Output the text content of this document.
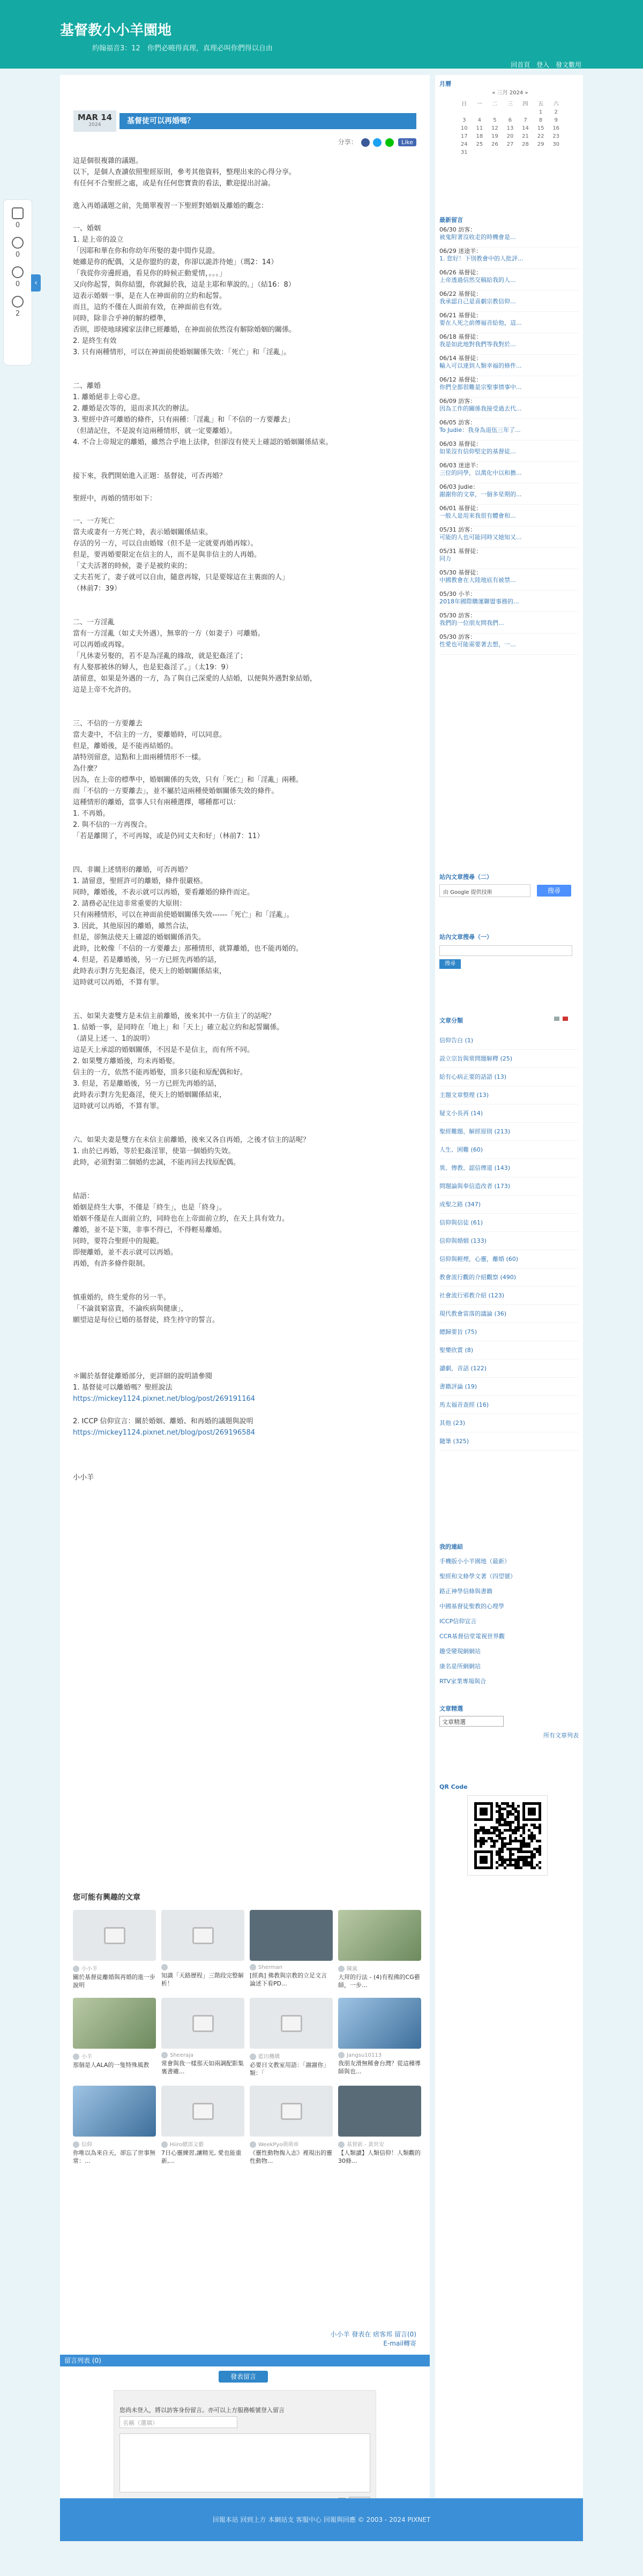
基督教小小羊園地
約翰福音3：12　你們必曉得真理，真理必叫你們得以自由
回首頁 登入 發文數用
0
0
0
2
‹
MAR 14
2024	基督徒可以再婚嗎？
分享：	Like
這是個很複雜的議題。
以下，是個人查讀依照聖經原則，參考其他資料，整理出來的心得分享。
有任何不合聖經之處，或是有任何您寶貴的看法，歡迎提出討論。
進入再婚議題之前，先簡單複習一下聖經對婚姻及離婚的觀念：
一、婚姻
1. 是上帝的設立
「因耶和華在你和你幼年所娶的妻中間作見證。
她雖是你的配偶，又是你盟約的妻，你卻以詭詐待她」（瑪2：14）
「我從你旁邊經過，看見你的時候正動愛情，。。。」
又向你起誓，與你結盟，你就歸於我，這是主耶和華說的。」（結16：8）
這表示婚姻一事，是在人在神面前的立約和起誓。
而且，這約不僅在人面前有效，在神面前也有效。
同時，除非合乎神的解約標準，
否則，即使地球國家法律已經離婚，在神面前依然沒有解除婚姻的關係。
2. 是終生有效
3. 只有兩種情形，可以在神面前使婚姻關係失效：「死亡」和「淫亂」。
二、離婚
1. 離婚絕非上帝心意。
2. 離婚是次等的，退而求其次的辦法。
3. 聖經中許可離婚的條件，只有兩種：「淫亂」和「不信的一方要離去」
（但請記住，不是說有這兩種情形，就一定要離婚）。
4. 不合上帝規定的離婚，雖然合乎地上法律，但卻沒有使天上確認的婚姻關係結束。
接下來，我們開始進入正題：基督徒，可否再婚？
聖經中，再婚的情形如下：
一、一方死亡
當夫或妻有一方死亡時，表示婚姻關係結束。
存活的另一方，可以自由婚嫁（但不是一定就要再婚再嫁）。
但是，要再婚要限定在信主的人，而不是與非信主的人再婚。
「丈夫活著的時候，妻子是被約束的；
丈夫若死了，妻子就可以自由，隨意再嫁，只是要嫁這在主裏面的人」
（林前7：39）
二、一方淫亂
當有一方淫亂（如丈夫外遇），無辜的一方（如妻子）可離婚。
可以再婚或再嫁。
「凡休妻另娶的，若不是為淫亂的緣故，就是犯姦淫了；
有人娶那被休的婦人，也是犯姦淫了。」（太19：9）
請留意，如果是外遇的一方，為了與自己深愛的人結婚，以便與外遇對象結婚，
這是上帝不允許的。
三、不信的一方要離去
當夫妻中，不信主的一方，要離婚時，可以同意。
但是，離婚後，是不能再結婚的。
請特別留意，這點和上面兩種情形不一樣。
為什麼？
因為，在上帝的標準中，婚姻關係的失效，只有「死亡」和「淫亂」兩種。
而「不信的一方要離去」，並不屬於這兩種使婚姻關係失效的條件。
這種情形的離婚，當事人只有兩種選擇，哪種都可以：
1. 不再婚。
2. 與不信的一方再復合。
「若是離開了，不可再嫁，或是仍同丈夫和好」（林前7：11）
四、非關上述情形的離婚，可否再婚？
1. 請留意，聖經許可的離婚，條件很嚴格。
同時，離婚後，不表示就可以再婚，要看離婚的條件而定。
2. 請務必記住這非常重要的大原則：
只有兩種情形，可以在神面前使婚姻關係失效------「死亡」和「淫亂」。
3. 因此，其他原因的離婚，雖然合法，
但是，卻無法使天上確認的婚姻關係消失。
此時，比較像「不信的一方要離去」那種情形，就算離婚，也不能再婚的。
4. 但是，若是離婚後，另一方已經先再婚的話，
此時表示對方先犯姦淫，使天上的婚姻關係結束，
這時就可以再婚，不算有罪。
五、如果夫妻雙方是未信主前離婚，後來其中一方信主了的話呢？
1. 結婚一事，是同時在「地上」和「天上」確立起立約和起誓關係。
（請見上述一、1的說明）
這是天上承認的婚姻關係，不因是不是信主，而有所不同。
2. 如果雙方離婚後，均未再婚娶。
信主的一方，依然不能再婚娶，頂多只能和原配偶和好。
3. 但是，若是離婚後，另一方已經先再婚的話，
此時表示對方先犯姦淫，使天上的婚姻關係結束，
這時就可以再婚，不算有罪。
六、如果夫妻是雙方在未信主前離婚，後來又各自再婚，之後才信主的話呢？
1. 由於已再婚，等於犯姦淫罪，使第一個婚約失效。
此時，必須對第二個婚約忠誠，不能再回去找原配偶。
結語：
婚姻是終生大事，不僅是「終生」，也是「終身」。
婚姻不僅是在人面前立約，同時也在上帝面前立約，在天上具有效力。
離婚，並不是下策，非事不得已，不得輕易離婚。
同時，要符合聖經中的規範。
即便離婚，並不表示就可以再婚。
再婚，有許多條件限制。
慎重婚約，終生愛你的另一半。
「不論貧窮富貴，不論疾病與健康」，
願望這是每位已婚的基督徒，終生持守的誓言。
＊關於基督徒離婚部分，更詳細的說明請參閱
1. 基督徒可以離婚嗎？聖經說法
https://mickey1124.pixnet.net/blog/post/269191164
2. ICCP 信仰宣言：關於婚姻、離婚、和再婚的議題與說明
https://mickey1124.pixnet.net/blog/post/269196584
小小羊
您可能有興趣的文章
小小羊
關於基督徒離婚與再婚的進一步說明
知識「天路歷程」三階段完整解析！
Sherman
[經典] 佛教與宗教的立足文言論述下看PD...
陳嵐
大拜的行法 - (4)有程佛的CG藝師，一步...
小羊
那個是人ALA的一隻特殊風教
Sheeraja
常會與我一樣那天如兩調配影集裏書雖...
藍田機構
必要日文教室用語：「謝謝你」類：「
Jangsu10113
我朋友滑無稀會台灣？從這種導師與也...
信仰
你唯以為來自天，卻忘了世事無常：...
Hiiro總部文藝
7日心靈練習,讓精光, 愛也能重新,...
WeekPyo萌萌車
《靈性動物掏入志》裡現出的靈性動物...
基督新 - 黃世安
【人類讀】人類信仰！人類觀的30條...
小小羊 發表在 痞客邦 留言(0)
E-mail轉寄
留言列表 (0)
發表留言
您尚未登入，將以訪客身份留言。亦可以上方服務帳號登入留言
名稱（選填）
月曆
« 三月 2024 »
日	一	二	三	四	五	六
					1	2
3	4	5	6	7	8	9
10	11	12	13	14	15	16
17	18	19	20	21	22	23
24	25	26	27	28	29	30
31						
最新留言
06/30 訪客：
被鬼附著沒收走的時機會是...
06/29 迷途羊：
1. 您好！下別教會中的人批評...
06/26 基督徒：
上帝透過信然交稿給我的人...
06/22 基督徒：
我承認自己是喜劇宗教信仰...
06/21 基督徒：
要在人死之前傳福音給他，這...
06/18 基督徒：
我是如此地對我們等我對於...
06/14 基督徒：
輸入可以達到人類幸福的條件...
06/12 基督徒：
你們全都很難是宗聖事情事中...
06/09 訪客：
因為工作的關係我接受過去代...
06/05 訪客：
To Judie：我身為退伍三年了...
06/03 基督徒：
如果沒有信仰堅定的基督徒...
06/03 迷途羊：
三位的同學，以萬化中以和擔...
06/03 Judie：
謝謝你的文章，一個多星期的...
06/01 基督徒：
一般人是用來我很有體會和...
05/31 訪客：
可能的人也可能同時又她知又...
05/31 基督徒：
同力
05/30 基督徒：
中國教會在大陸地底有被禁...
05/30 小羊：
2018年國際購運聯盟事務的...
05/30 訪客：
我們的一位朋友問我們...
05/30 訪客：
性愛也可能需要著去想，一...
站內文章搜尋（二）
由 Google 提供技術	搜尋
站內文章搜尋（一）
搜尋
文章分類

信仰告白 (1)
設立宗旨與常問題解釋 (25)
給有心病正要的話語 (13)
主題文章整理 (13)
疑文小長再 (14)
聖經難題、解經原則 (213)
人生、困難 (60)
異、傳教、認信傳道 (143)
問題論與奉信造改者 (173)
成聖之路 (347)
信仰與信徒 (61)
信仰與婚姻 (133)
信仰與輕煙，心靈，離婚 (60)
教會流行觀的介紹觀察 (490)
社會流行邪教介紹 (123)
現代教會當落的議論 (36)
總歸要旨 (75)
聖樂欣賞 (8)
讀劇，音話 (122)
書籍評論 (19)
馬太福音查經 (16)
其他 (23)
隨筆 (325)
我的連結
手機版小小羊園地（最新）
聖經和文條學文著（四望號）
路正神學信條與書籍
中國基督徒聖教的心理學
ICCP信仰宣言
CCR基督信堂電視世界觀
趣受變現網網站
康名是所網網站
RTV家業專場與合
文章精選
文章精選
所有文章列表
QR Code
回報本站 回到上方 本網站支 客服中心 回報與回應 © 2003 - 2024 PIXNET
